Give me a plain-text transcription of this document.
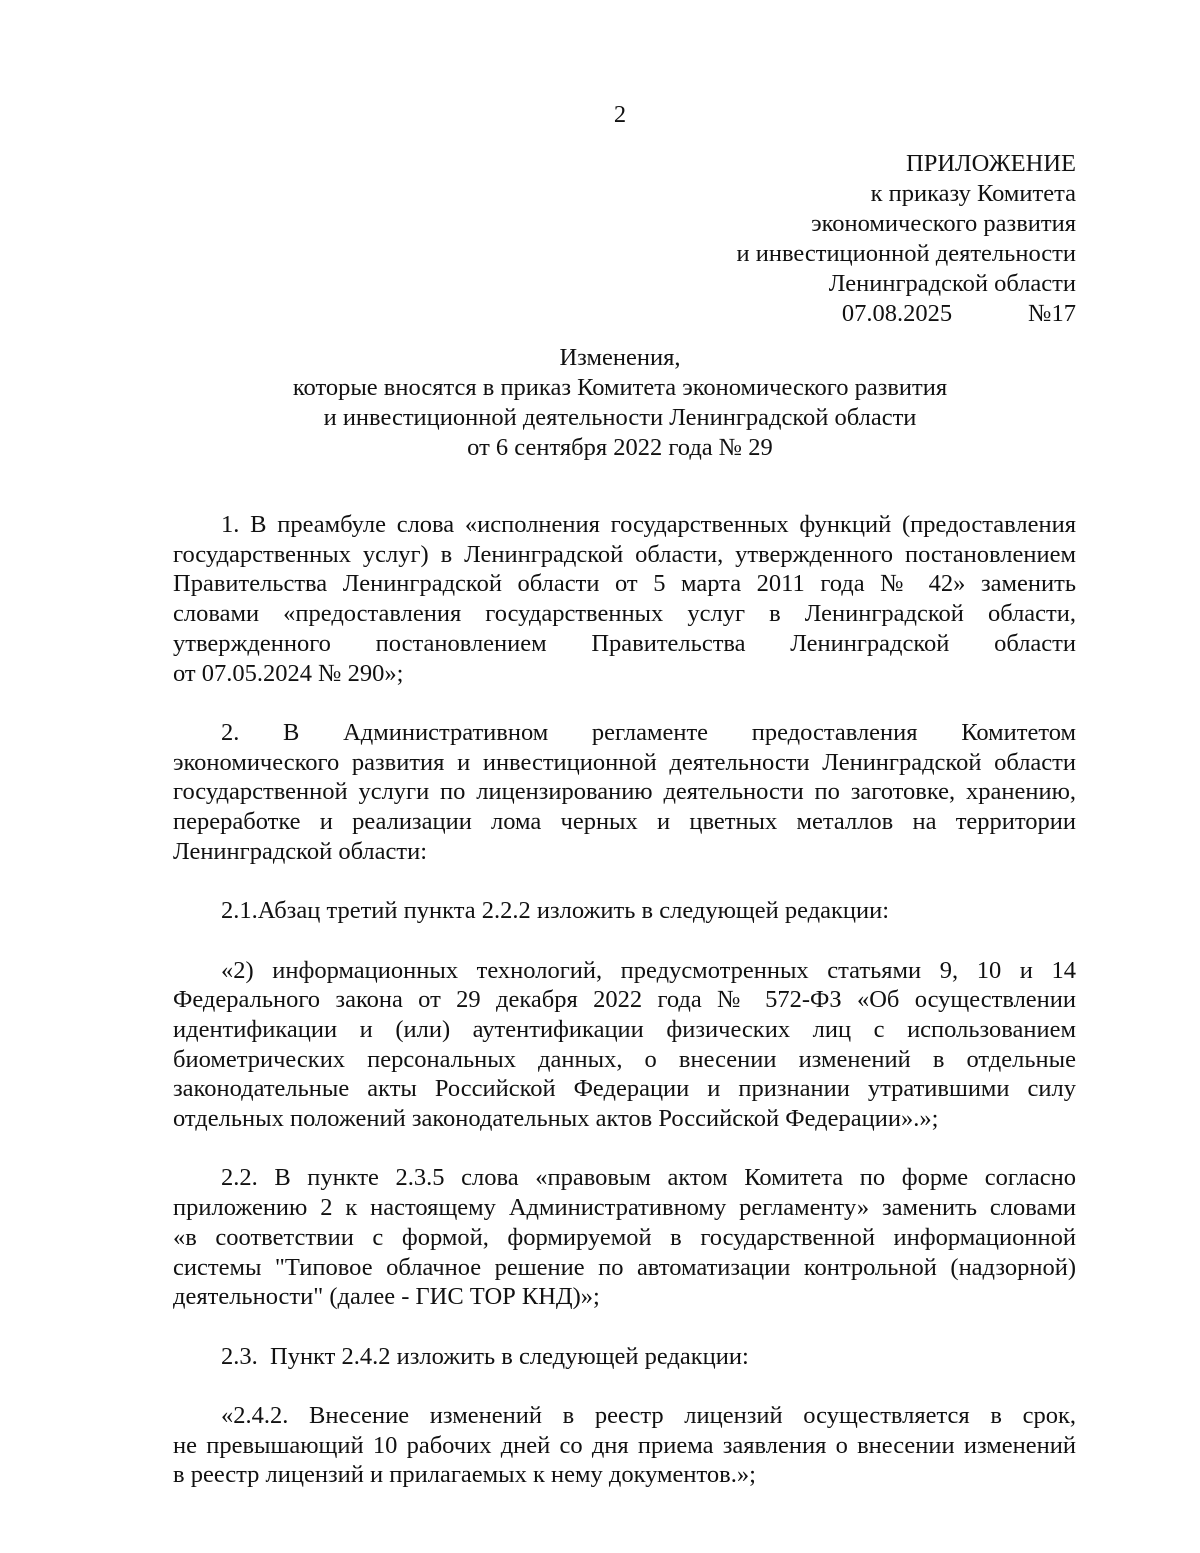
2
ПРИЛОЖЕНИЕ
к приказу Комитета
экономического развития
и инвестиционной деятельности
Ленинградской области
07.08.2025	№17
Изменения,
которые вносятся в приказ Комитета экономического развития
и инвестиционной деятельности Ленинградской области
от 6 сентября 2022 года № 29
1. В преамбуле слова «исполнения государственных функций (предоставления
государственных услуг) в Ленинградской области, утвержденного постановлением
Правительства Ленинградской области от 5 марта 2011 года № 42» заменить
словами «предоставления государственных услуг в Ленинградской области,
утвержденного постановлением Правительства Ленинградской области
от 07.05.2024 № 290»;
2. В Административном регламенте предоставления Комитетом
экономического развития и инвестиционной деятельности Ленинградской области
государственной услуги по лицензированию деятельности по заготовке, хранению,
переработке и реализации лома черных и цветных металлов на территории
Ленинградской области:
2.1.Абзац третий пункта 2.2.2 изложить в следующей редакции:
«2) информационных технологий, предусмотренных статьями 9, 10 и 14
Федерального закона от 29 декабря 2022 года № 572-ФЗ «Об осуществлении
идентификации и (или) аутентификации физических лиц с использованием
биометрических персональных данных, о внесении изменений в отдельные
законодательные акты Российской Федерации и признании утратившими силу
отдельных положений законодательных актов Российской Федерации».»;
2.2. В пункте 2.3.5 слова «правовым актом Комитета по форме согласно
приложению 2 к настоящему Административному регламенту» заменить словами
«в соответствии с формой, формируемой в государственной информационной
системы "Типовое облачное решение по автоматизации контрольной (надзорной)
деятельности" (далее - ГИС ТОР КНД)»;
2.3.  Пункт 2.4.2 изложить в следующей редакции:
«2.4.2. Внесение изменений в реестр лицензий осуществляется в срок,
не превышающий 10 рабочих дней со дня приема заявления о внесении изменений
в реестр лицензий и прилагаемых к нему документов.»;
